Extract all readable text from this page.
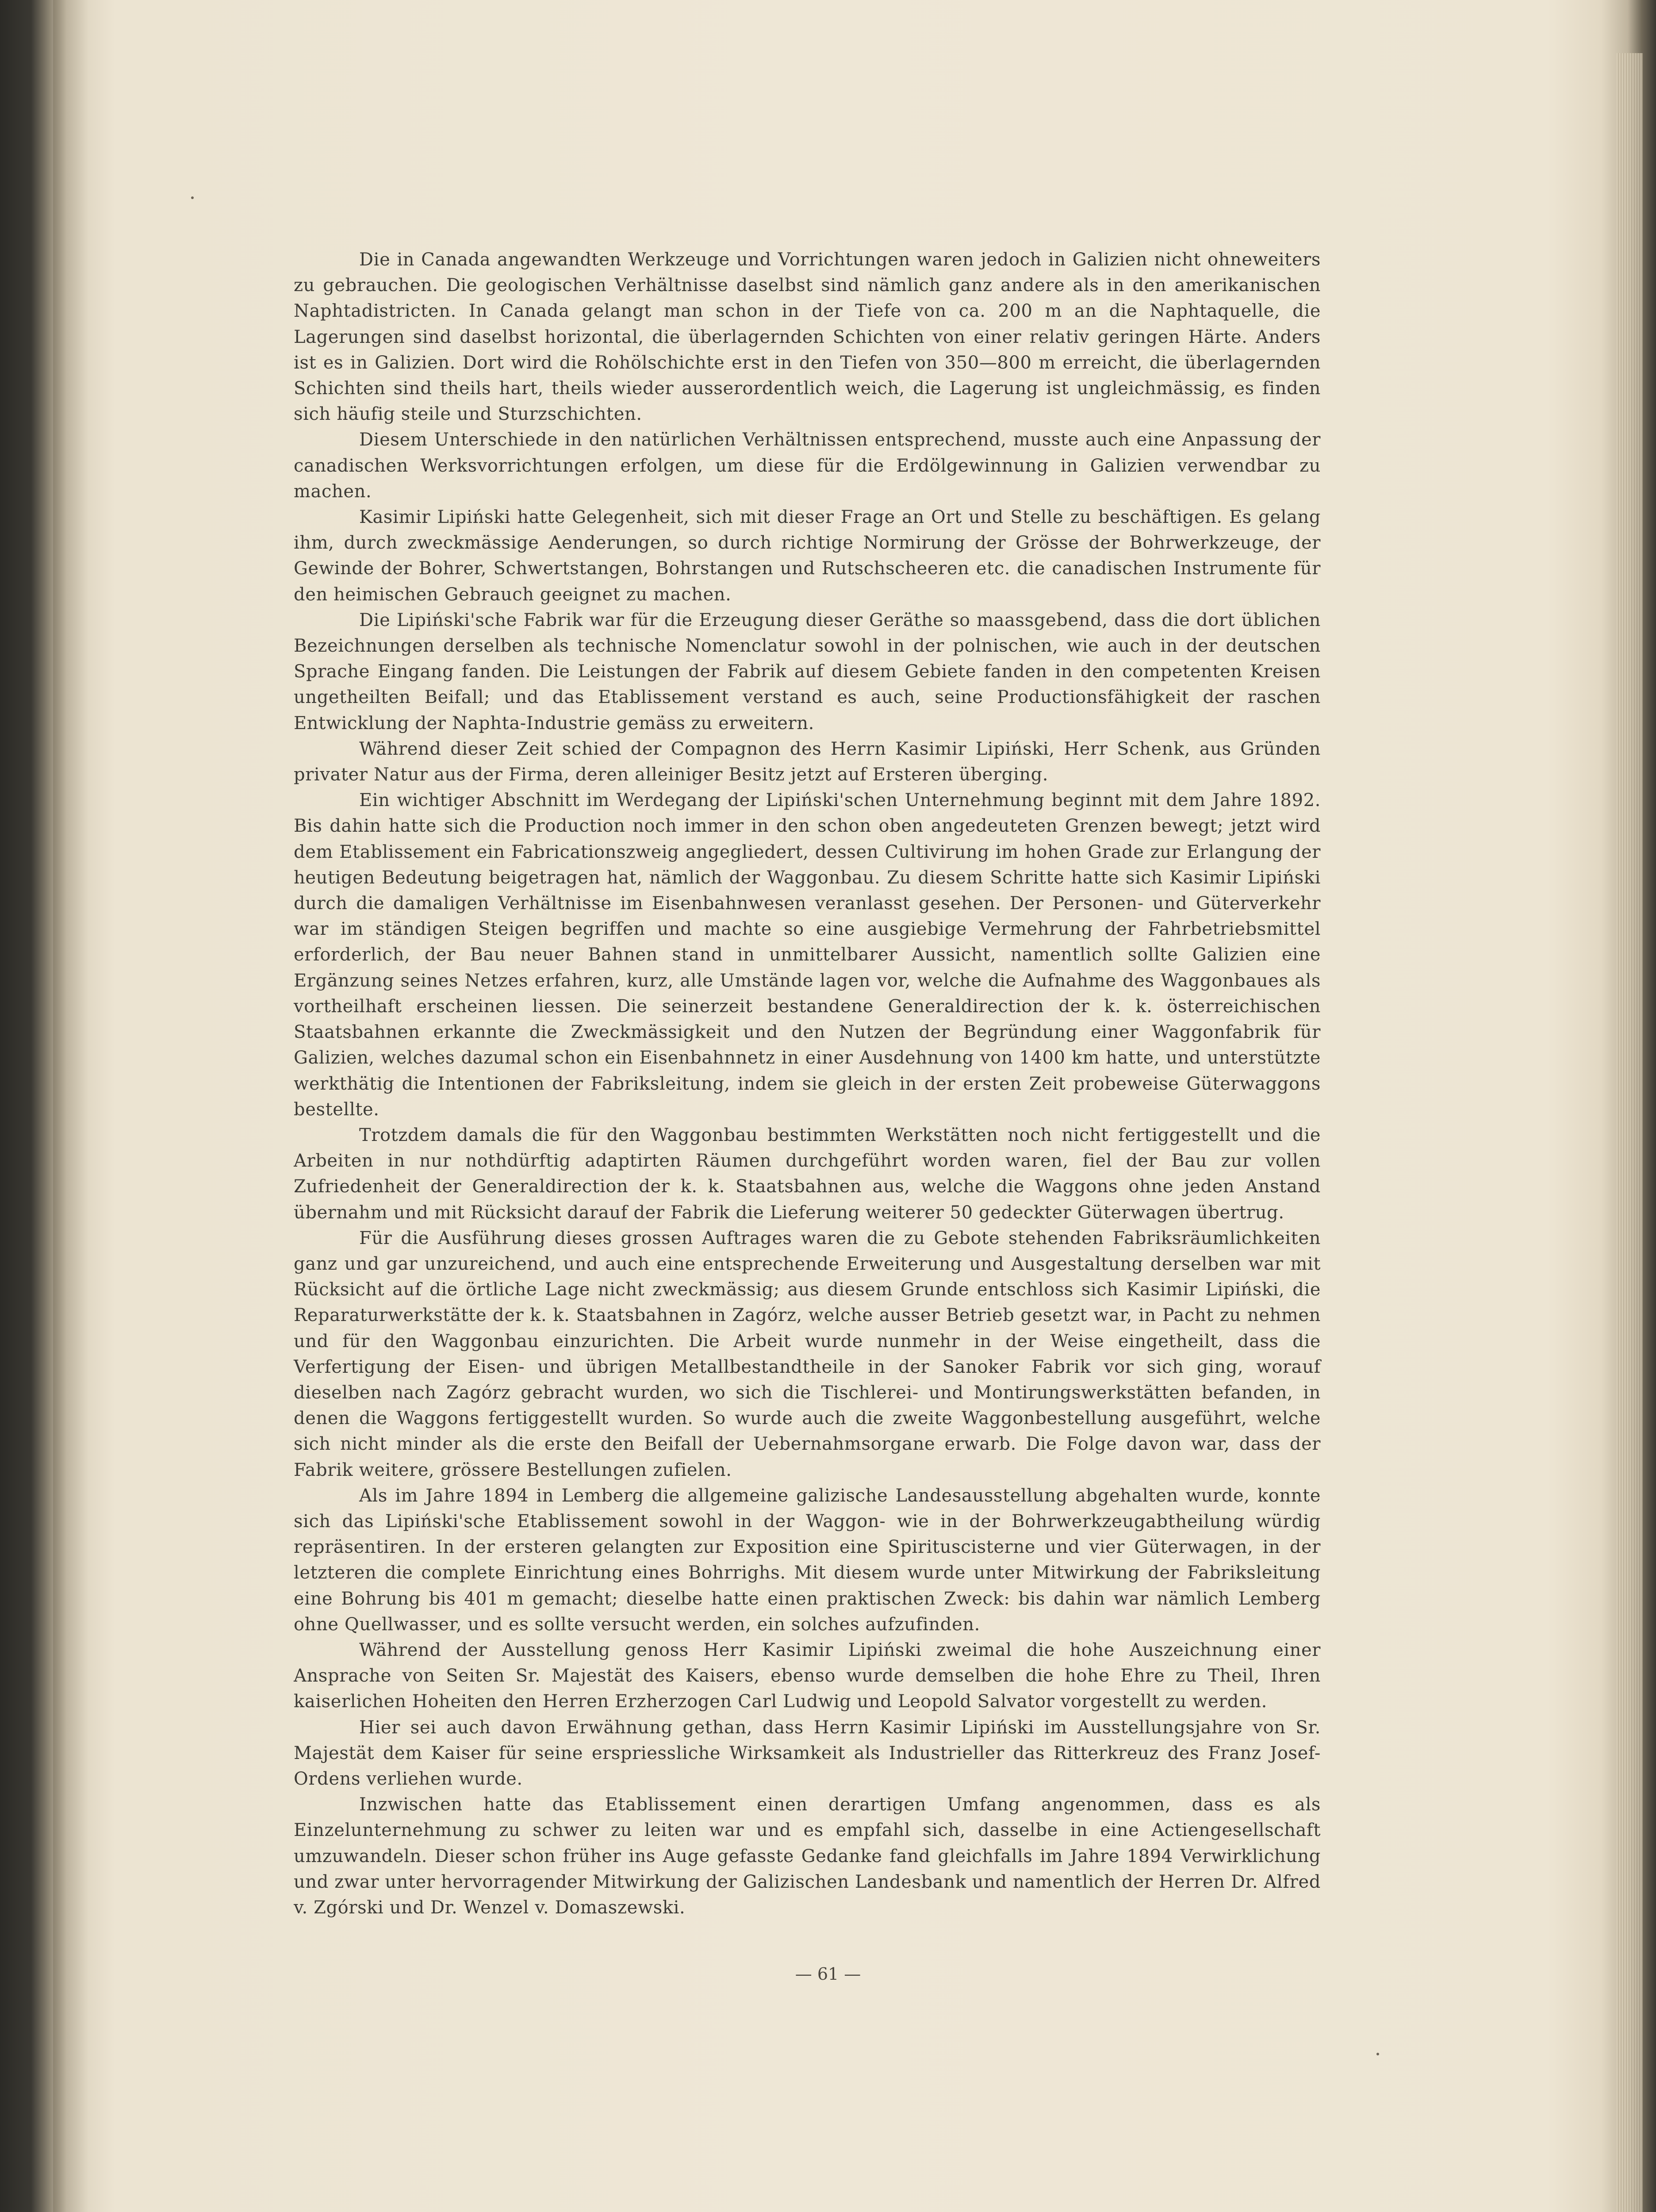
Die in Canada angewandten Werkzeuge und Vorrichtungen waren jedoch in Galizien nicht ohneweiters zu gebrauchen. Die geologischen Verhältnisse daselbst sind nämlich ganz andere als in den amerikanischen Naphtadistricten. In Canada gelangt man schon in der Tiefe von ca. 200 m an die Naphtaquelle, die Lagerungen sind daselbst horizontal, die überlagernden Schichten von einer relativ geringen Härte. Anders ist es in Galizien. Dort wird die Rohölschichte erst in den Tiefen von 350—800 m erreicht, die überlagernden Schichten sind theils hart, theils wieder ausserordentlich weich, die Lagerung ist ungleichmässig, es finden sich häufig steile und Sturzschichten.

Diesem Unterschiede in den natürlichen Verhältnissen entsprechend, musste auch eine Anpassung der canadischen Werksvorrichtungen erfolgen, um diese für die Erdölgewinnung in Galizien verwendbar zu machen.

Kasimir Lipiński hatte Gelegenheit, sich mit dieser Frage an Ort und Stelle zu beschäftigen. Es gelang ihm, durch zweckmässige Aenderungen, so durch richtige Normirung der Grösse der Bohrwerkzeuge, der Gewinde der Bohrer, Schwertstangen, Bohrstangen und Rutschscheeren etc. die canadischen Instrumente für den heimischen Gebrauch geeignet zu machen.

Die Lipiński'sche Fabrik war für die Erzeugung dieser Geräthe so maassgebend, dass die dort üblichen Bezeichnungen derselben als technische Nomenclatur sowohl in der polnischen, wie auch in der deutschen Sprache Eingang fanden. Die Leistungen der Fabrik auf diesem Gebiete fanden in den competenten Kreisen ungetheilten Beifall; und das Etablissement verstand es auch, seine Productionsfähigkeit der raschen Entwicklung der Naphta-Industrie gemäss zu erweitern.

Während dieser Zeit schied der Compagnon des Herrn Kasimir Lipiński, Herr Schenk, aus Gründen privater Natur aus der Firma, deren alleiniger Besitz jetzt auf Ersteren überging.

Ein wichtiger Abschnitt im Werdegang der Lipiński'schen Unternehmung beginnt mit dem Jahre 1892. Bis dahin hatte sich die Production noch immer in den schon oben angedeuteten Grenzen bewegt; jetzt wird dem Etablissement ein Fabricationszweig angegliedert, dessen Cultivirung im hohen Grade zur Erlangung der heutigen Bedeutung beigetragen hat, nämlich der Waggonbau. Zu diesem Schritte hatte sich Kasimir Lipiński durch die damaligen Verhältnisse im Eisenbahnwesen veranlasst gesehen. Der Personen- und Güterverkehr war im ständigen Steigen begriffen und machte so eine ausgiebige Vermehrung der Fahrbetriebsmittel erforderlich, der Bau neuer Bahnen stand in unmittelbarer Aussicht, namentlich sollte Galizien eine Ergänzung seines Netzes erfahren, kurz, alle Umstände lagen vor, welche die Aufnahme des Waggonbaues als vortheilhaft erscheinen liessen. Die seinerzeit bestandene Generaldirection der k. k. österreichischen Staatsbahnen erkannte die Zweckmässigkeit und den Nutzen der Begründung einer Waggonfabrik für Galizien, welches dazumal schon ein Eisenbahnnetz in einer Ausdehnung von 1400 km hatte, und unterstützte werkthätig die Intentionen der Fabriksleitung, indem sie gleich in der ersten Zeit probeweise Güterwaggons bestellte.

Trotzdem damals die für den Waggonbau bestimmten Werkstätten noch nicht fertiggestellt und die Arbeiten in nur nothdürftig adaptirten Räumen durchgeführt worden waren, fiel der Bau zur vollen Zufriedenheit der Generaldirection der k. k. Staatsbahnen aus, welche die Waggons ohne jeden Anstand übernahm und mit Rücksicht darauf der Fabrik die Lieferung weiterer 50 gedeckter Güterwagen übertrug.

Für die Ausführung dieses grossen Auftrages waren die zu Gebote stehenden Fabriksräumlichkeiten ganz und gar unzureichend, und auch eine entsprechende Erweiterung und Ausgestaltung derselben war mit Rücksicht auf die örtliche Lage nicht zweckmässig; aus diesem Grunde entschloss sich Kasimir Lipiński, die Reparaturwerkstätte der k. k. Staatsbahnen in Zagórz, welche ausser Betrieb gesetzt war, in Pacht zu nehmen und für den Waggonbau einzurichten. Die Arbeit wurde nunmehr in der Weise eingetheilt, dass die Verfertigung der Eisen- und übrigen Metallbestandtheile in der Sanoker Fabrik vor sich ging, worauf dieselben nach Zagórz gebracht wurden, wo sich die Tischlerei- und Montirungswerkstätten befanden, in denen die Waggons fertiggestellt wurden. So wurde auch die zweite Waggonbestellung ausgeführt, welche sich nicht minder als die erste den Beifall der Uebernahmsorgane erwarb. Die Folge davon war, dass der Fabrik weitere, grössere Bestellungen zufielen.

Als im Jahre 1894 in Lemberg die allgemeine galizische Landesausstellung abgehalten wurde, konnte sich das Lipiński'sche Etablissement sowohl in der Waggon- wie in der Bohrwerkzeugabtheilung würdig repräsentiren. In der ersteren gelangten zur Exposition eine Spirituscisterne und vier Güterwagen, in der letzteren die complete Einrichtung eines Bohrrighs. Mit diesem wurde unter Mitwirkung der Fabriksleitung eine Bohrung bis 401 m gemacht; dieselbe hatte einen praktischen Zweck: bis dahin war nämlich Lemberg ohne Quellwasser, und es sollte versucht werden, ein solches aufzufinden.

Während der Ausstellung genoss Herr Kasimir Lipiński zweimal die hohe Auszeichnung einer Ansprache von Seiten Sr. Majestät des Kaisers, ebenso wurde demselben die hohe Ehre zu Theil, Ihren kaiserlichen Hoheiten den Herren Erzherzogen Carl Ludwig und Leopold Salvator vorgestellt zu werden.

Hier sei auch davon Erwähnung gethan, dass Herrn Kasimir Lipiński im Ausstellungsjahre von Sr. Majestät dem Kaiser für seine erspriessliche Wirksamkeit als Industrieller das Ritterkreuz des Franz Josef-Ordens verliehen wurde.

Inzwischen hatte das Etablissement einen derartigen Umfang angenommen, dass es als Einzelunternehmung zu schwer zu leiten war und es empfahl sich, dasselbe in eine Actiengesellschaft umzuwandeln. Dieser schon früher ins Auge gefasste Gedanke fand gleichfalls im Jahre 1894 Verwirklichung und zwar unter hervorragender Mitwirkung der Galizischen Landesbank und namentlich der Herren Dr. Alfred v. Zgórski und Dr. Wenzel v. Domaszewski.

— 61 —
